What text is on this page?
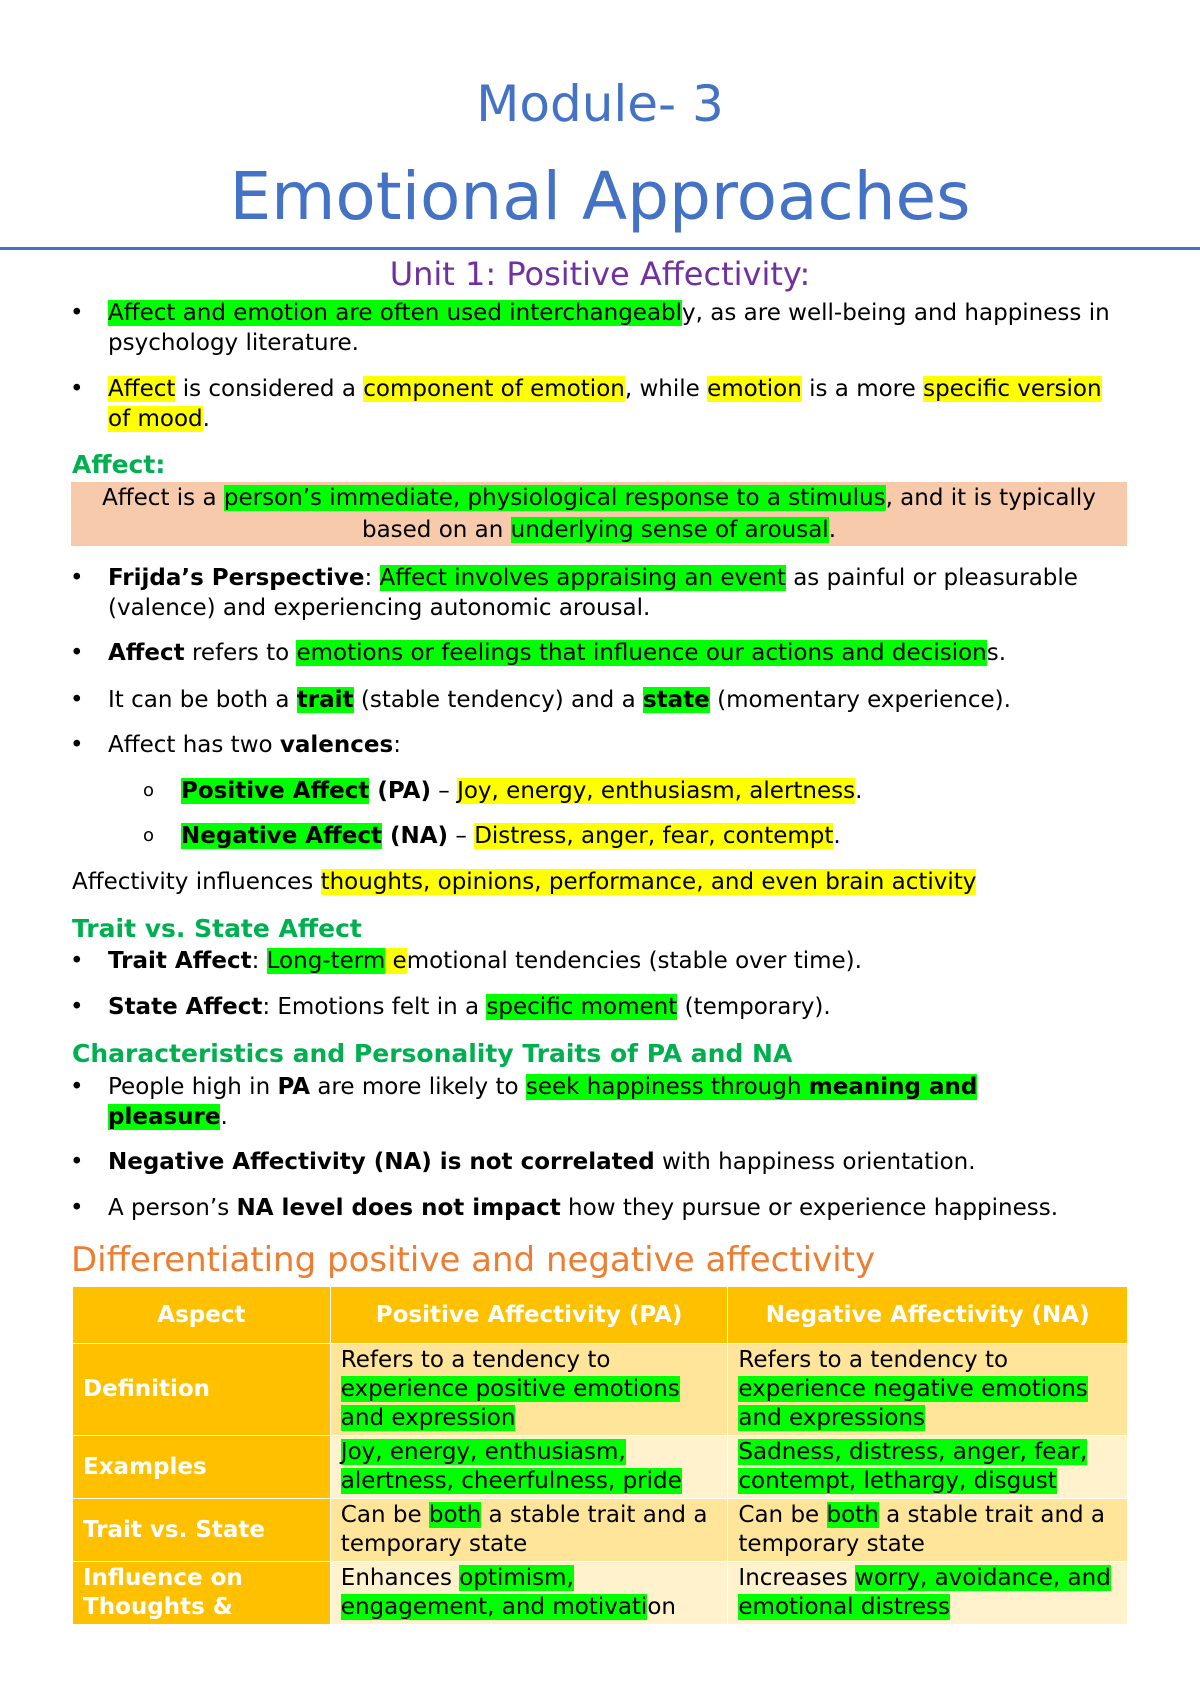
Module- 3
Emotional Approaches
Unit 1: Positive Affectivity:
• Affect and emotion are often used interchangeably, as are well-being and happiness in psychology literature.
• Affect is considered a component of emotion, while emotion is a more specific version of mood.
Affect:
Affect is a person’s immediate, physiological response to a stimulus, and it is typically based on an underlying sense of arousal.
• Frijda’s Perspective: Affect involves appraising an event as painful or pleasurable (valence) and experiencing autonomic arousal.
• Affect refers to emotions or feelings that influence our actions and decisions.
• It can be both a trait (stable tendency) and a state (momentary experience).
• Affect has two valences:
o	Positive Affect (PA) – Joy, energy, enthusiasm, alertness.
o	Negative Affect (NA) – Distress, anger, fear, contempt.
Affectivity influences thoughts, opinions, performance, and even brain activity
Trait vs. State Affect
• Trait Affect: Long-term emotional tendencies (stable over time).
• State Affect: Emotions felt in a specific moment (temporary).
Characteristics and Personality Traits of PA and NA
• People high in PA are more likely to seek happiness through meaning and pleasure.
• Negative Affectivity (NA) is not correlated with happiness orientation.
• A person’s NA level does not impact how they pursue or experience happiness.
Differentiating positive and negative affectivity
Aspect	Positive Affectivity (PA)	Negative Affectivity (NA)
Definition	Refers to a tendency to experience positive emotions and expression	Refers to a tendency to experience negative emotions and expressions
Examples	Joy, energy, enthusiasm, alertness, cheerfulness, pride	Sadness, distress, anger, fear, contempt, lethargy, disgust
Trait vs. State	Can be both a stable trait and a temporary state	Can be both a stable trait and a temporary state
Influence on Thoughts &	Enhances optimism, engagement, and motivation	Increases worry, avoidance, and emotional distress
